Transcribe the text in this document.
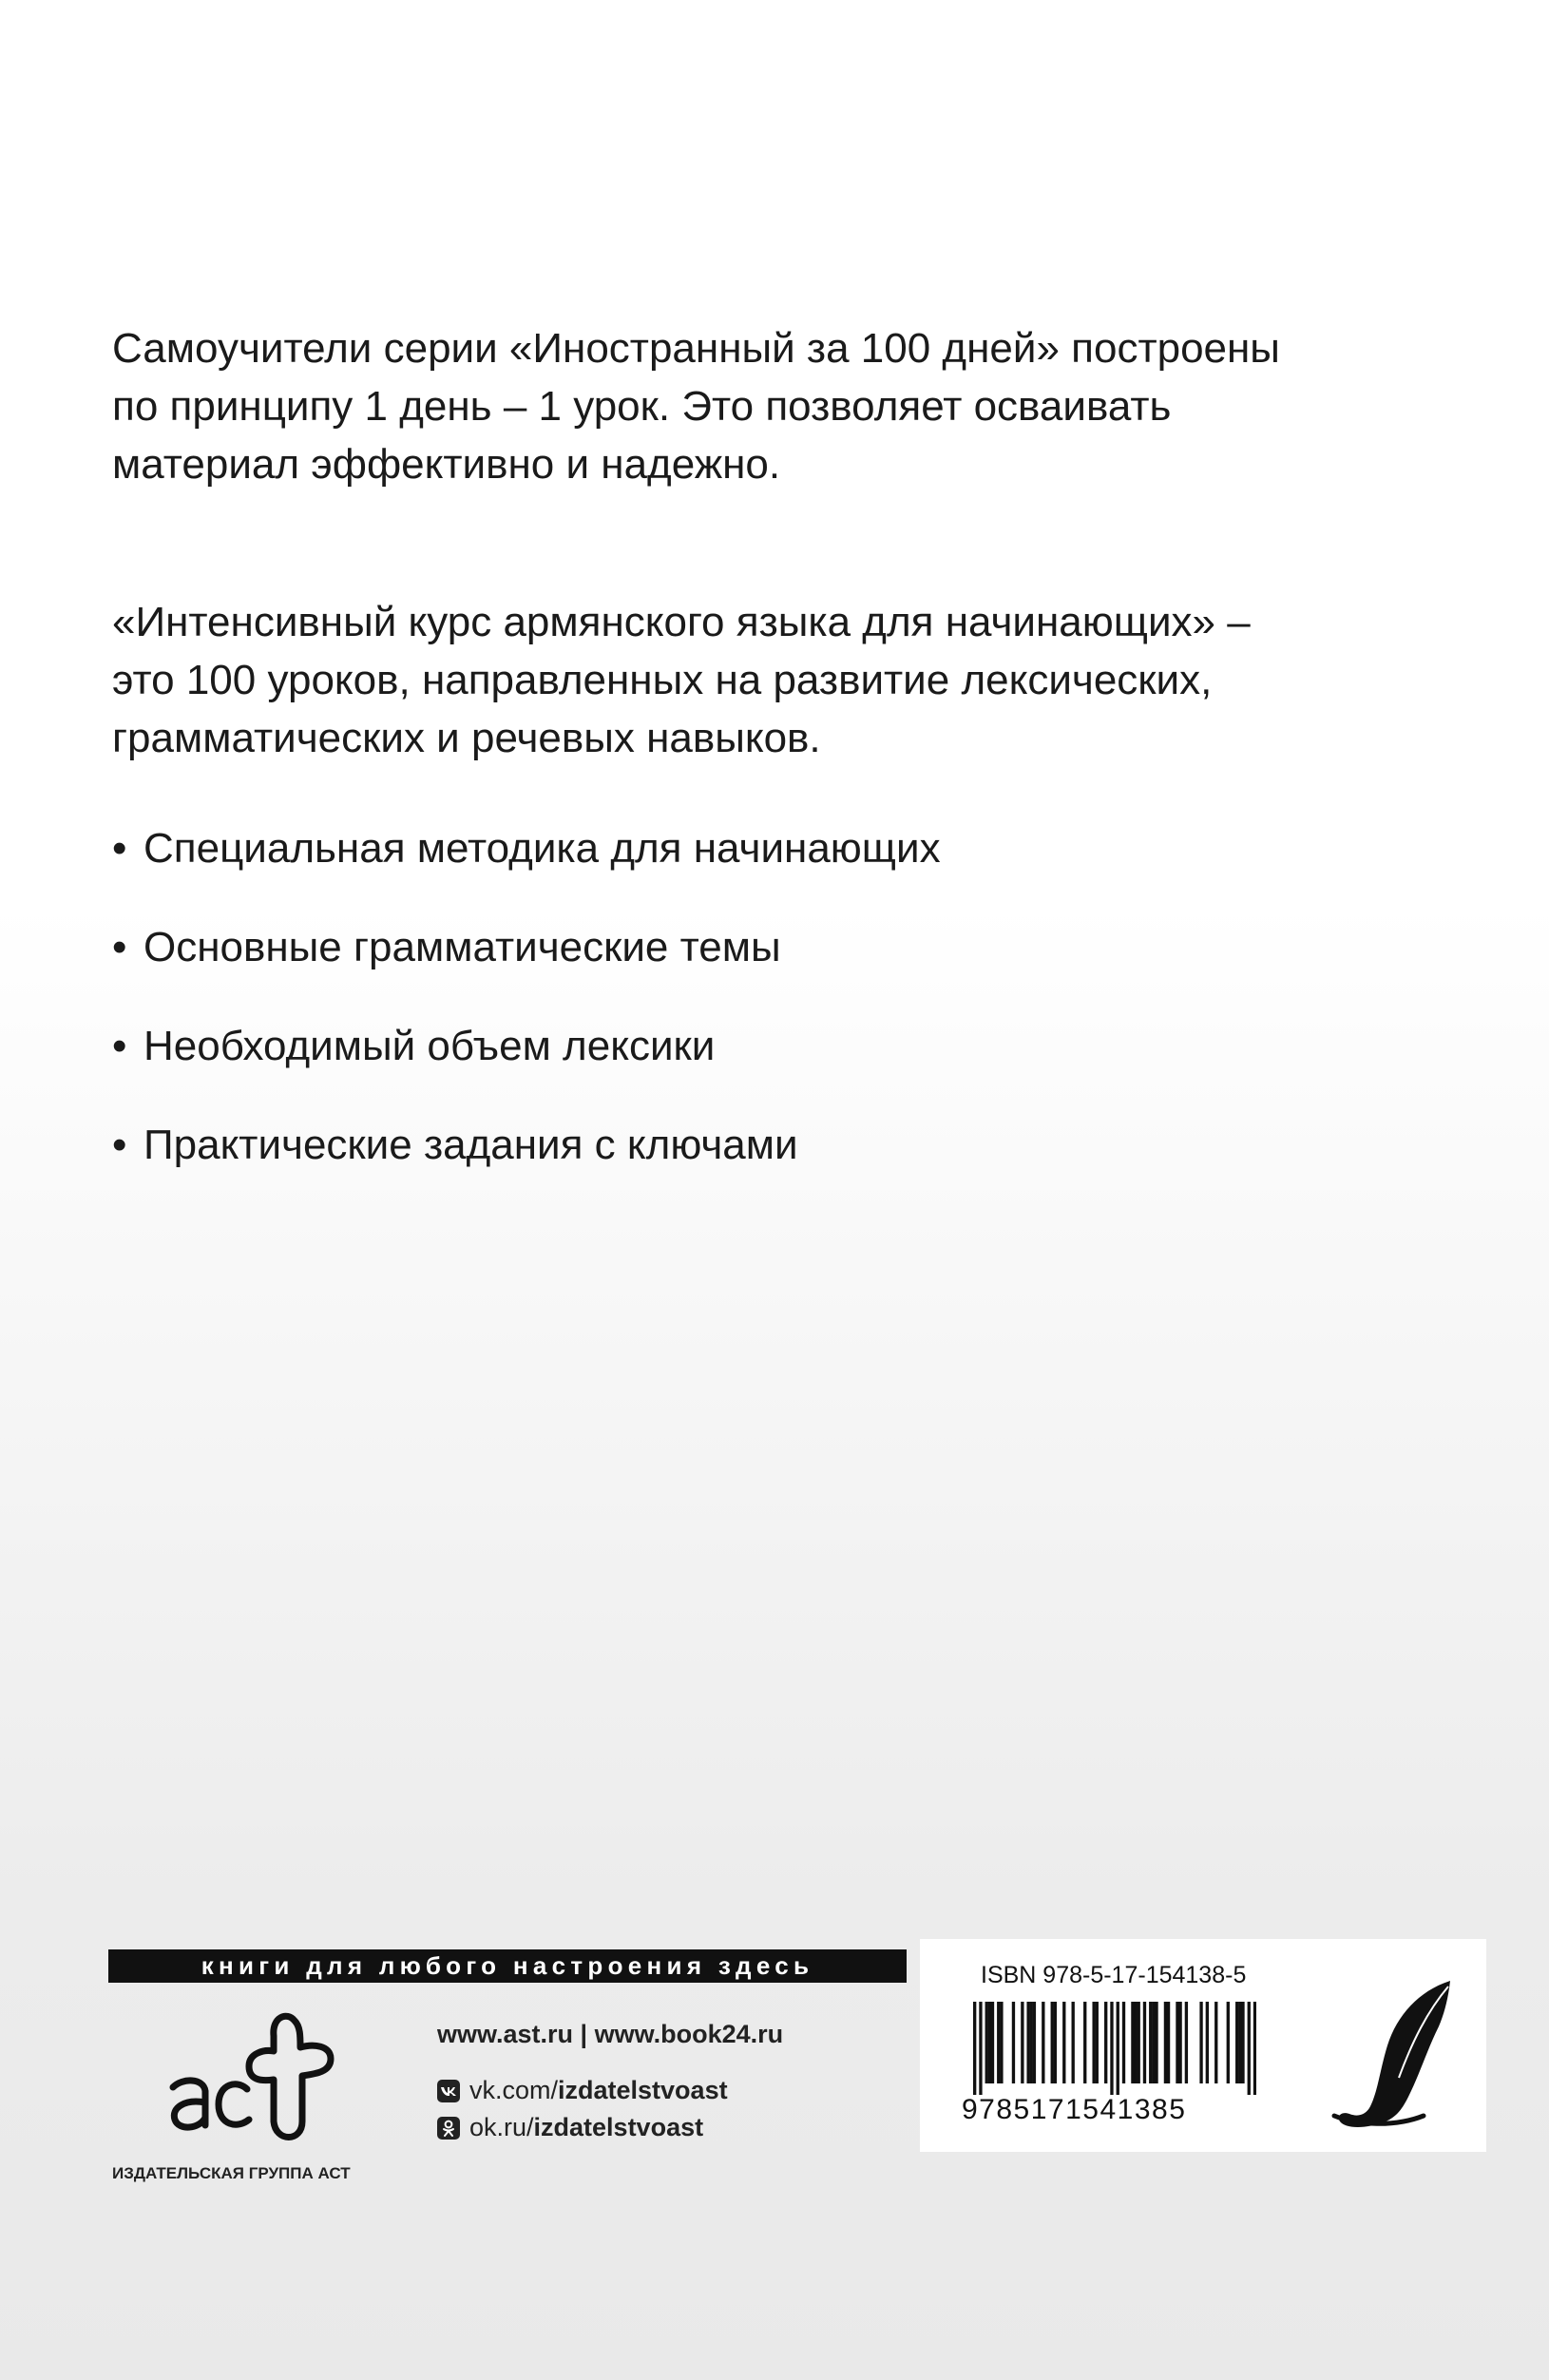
Самоучители серии «Иностранный за 100 дней» построены
по принципу 1 день – 1 урок. Это позволяет осваивать
материал эффективно и надежно.
«Интенсивный курс армянского языка для начинающих» –
это 100 уроков, направленных на развитие лексических,
грамматических и речевых навыков.
• Специальная методика для начинающих
• Основные грамматические темы
• Необходимый объем лексики
• Практические задания с ключами
книги для любого настроения здесь
ИЗДАТЕЛЬСКАЯ ГРУППА АСТ
www.ast.ru | www.book24.ru
vk.com/ izdatelstvoast
ok.ru/ izdatelstvoast
ISBN 978-5-17-154138-5
9785171541385
